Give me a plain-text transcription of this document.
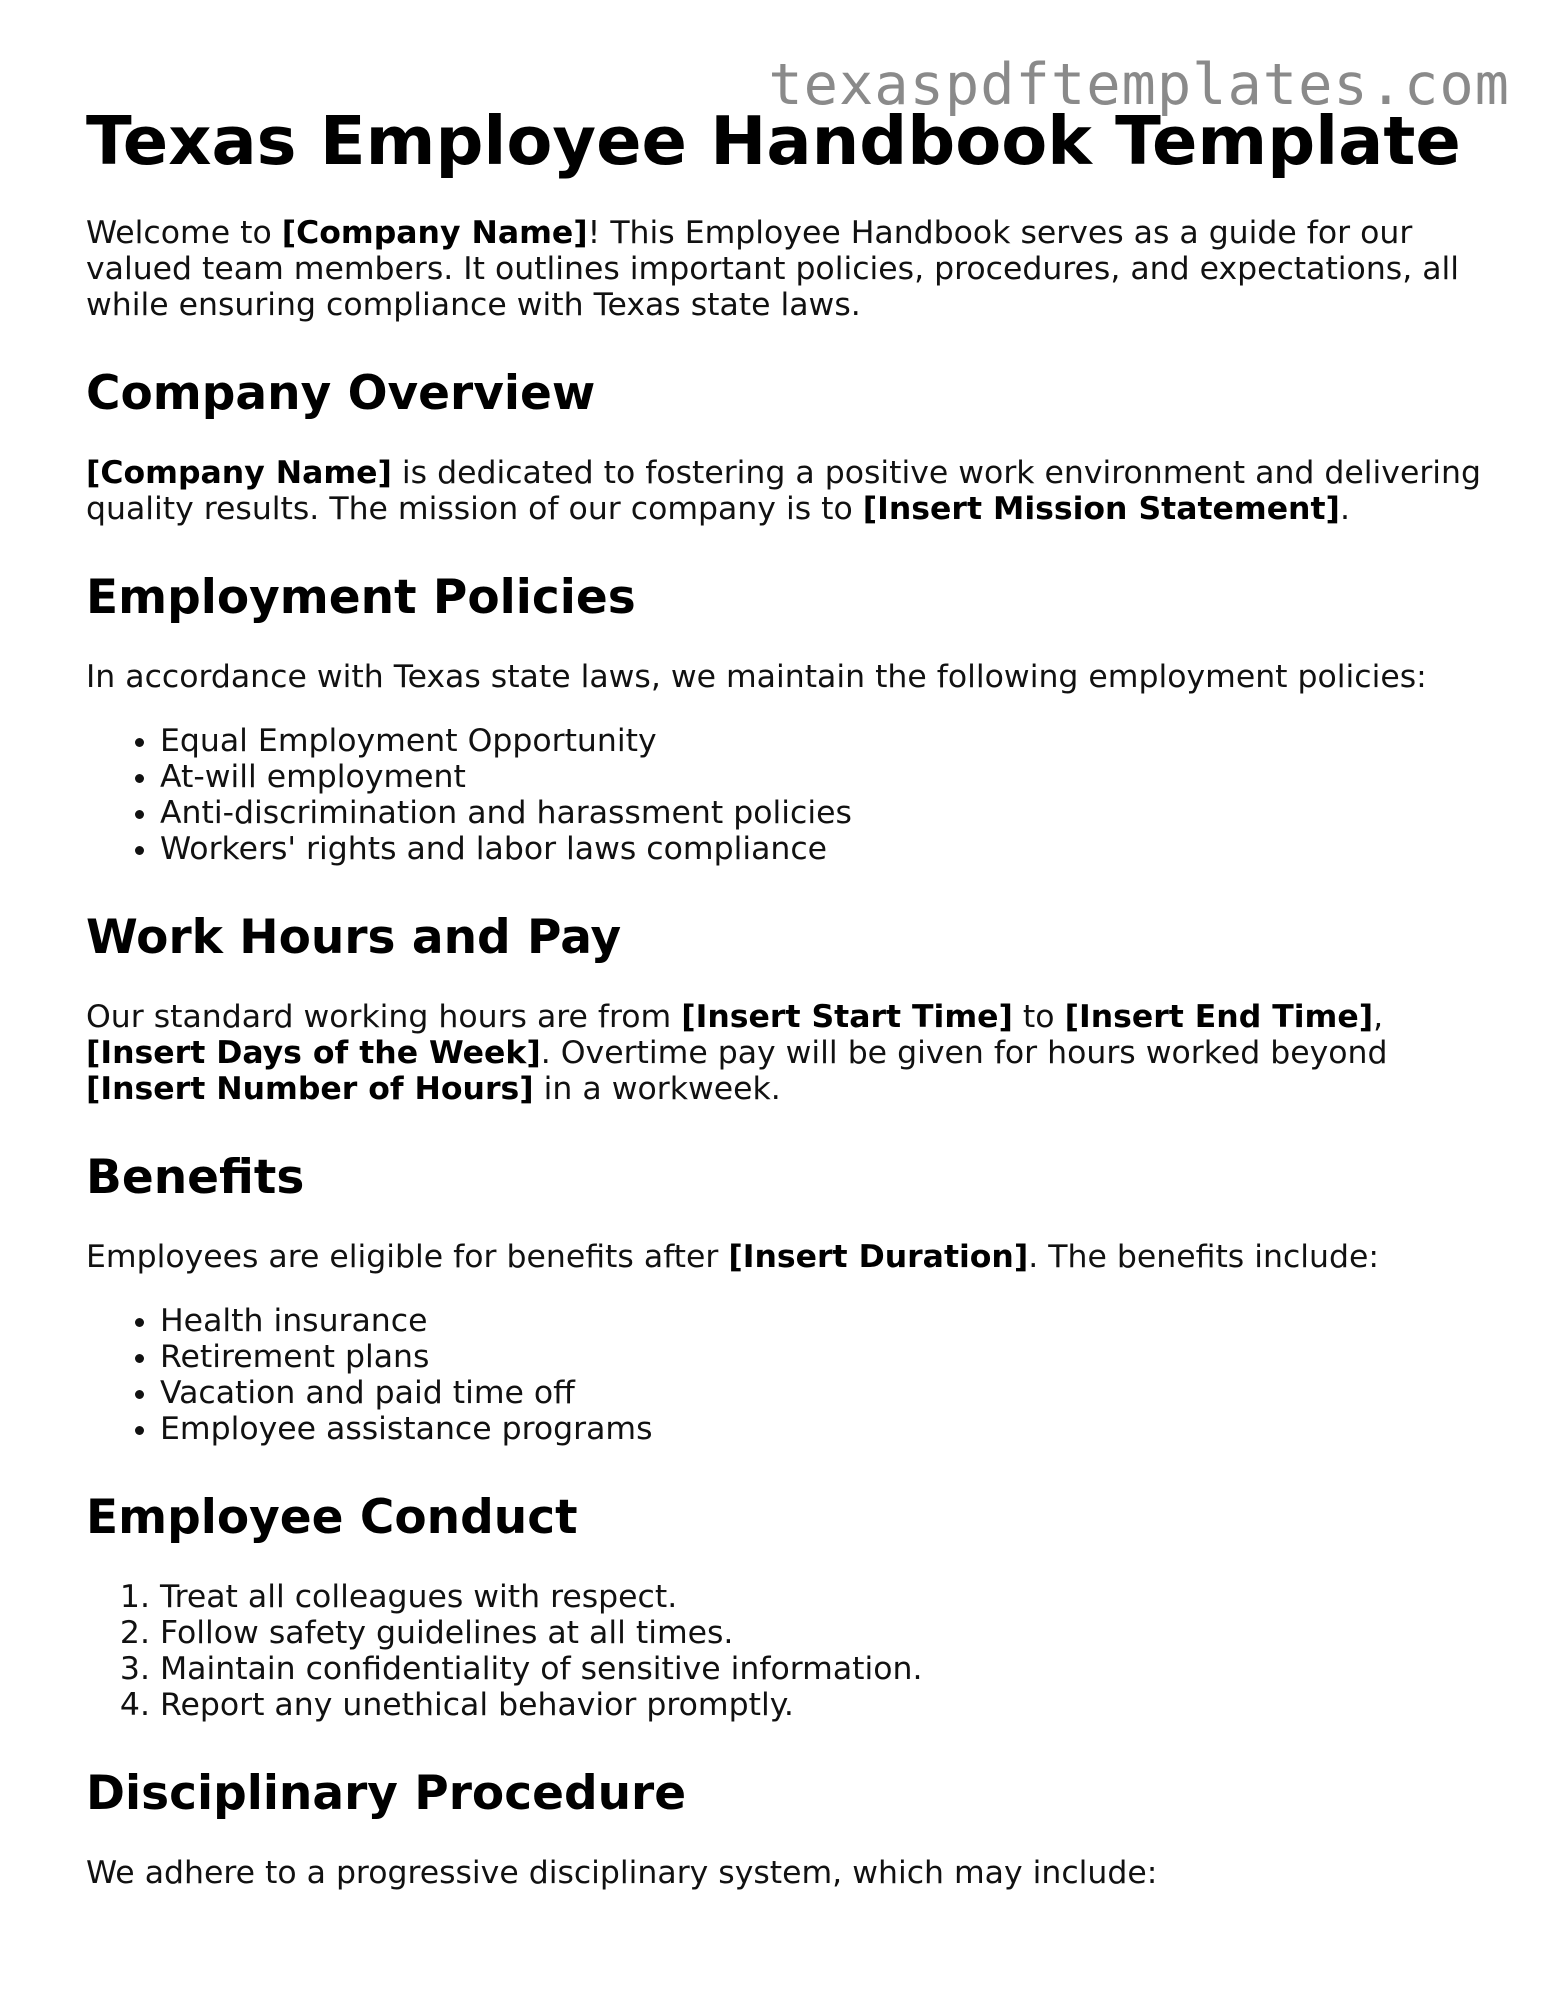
texaspdftemplates.com
Texas Employee Handbook Template

Welcome to [Company Name]! This Employee Handbook serves as a guide for our valued team members. It outlines important policies, procedures, and expectations, all while ensuring compliance with Texas state laws.

Company Overview

[Company Name] is dedicated to fostering a positive work environment and delivering quality results. The mission of our company is to [Insert Mission Statement].

Employment Policies

In accordance with Texas state laws, we maintain the following employment policies:

• Equal Employment Opportunity
• At-will employment
• Anti-discrimination and harassment policies
• Workers' rights and labor laws compliance
Work Hours and Pay

Our standard working hours are from [Insert Start Time] to [Insert End Time], [Insert Days of the Week]. Overtime pay will be given for hours worked beyond [Insert Number of Hours] in a workweek.

Benefits

Employees are eligible for benefits after [Insert Duration]. The benefits include:

• Health insurance
• Retirement plans
• Vacation and paid time off
• Employee assistance programs
Employee Conduct
1. Treat all colleagues with respect.
2. Follow safety guidelines at all times.
3. Maintain confidentiality of sensitive information.
4. Report any unethical behavior promptly.
Disciplinary Procedure

We adhere to a progressive disciplinary system, which may include:
